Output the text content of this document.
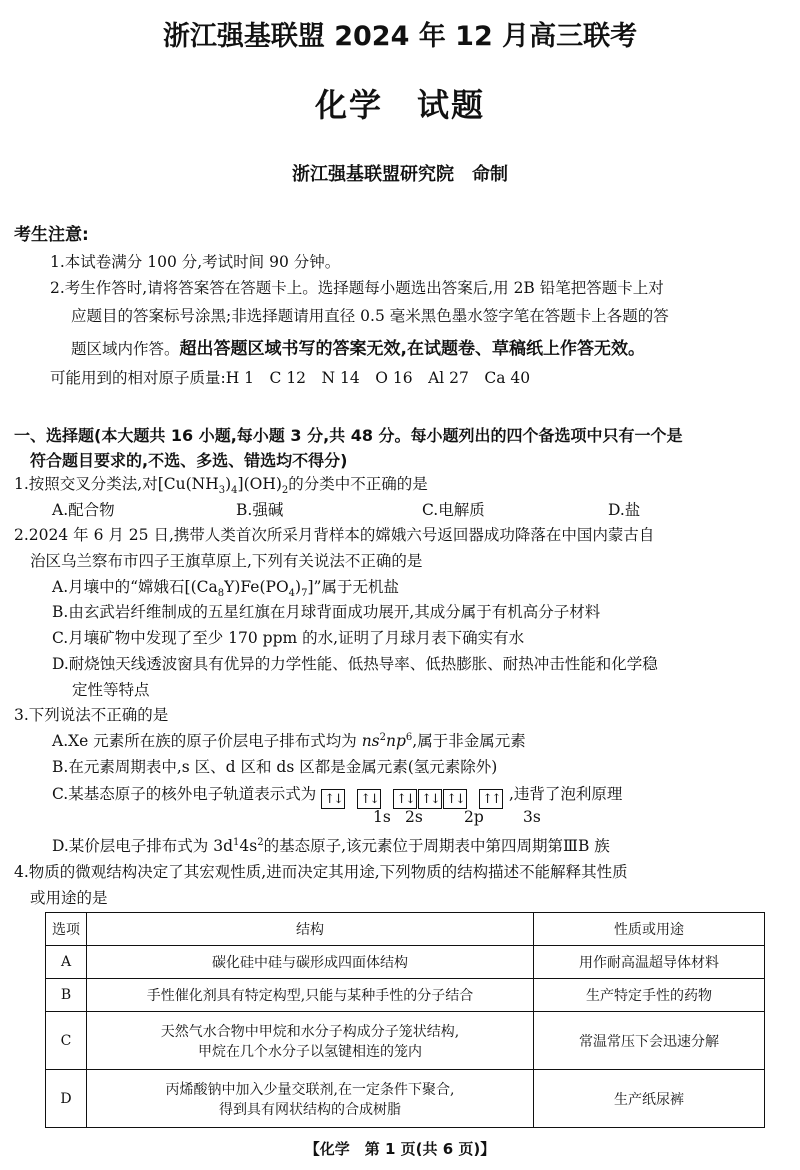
浙江强基联盟 2024 年 12 月高三联考
化学　试题
浙江强基联盟研究院　命制
考生注意:
1.本试卷满分 100 分,考试时间 90 分钟。
2.考生作答时,请将答案答在答题卡上。选择题每小题选出答案后,用 2B 铅笔把答题卡上对
应题目的答案标号涂黑;非选择题请用直径 0.5 毫米黑色墨水签字笔在答题卡上各题的答
题区域内作答。超出答题区域书写的答案无效,在试题卷、草稿纸上作答无效。
可能用到的相对原子质量:H 1　C 12　N 14　O 16　Al 27　Ca 40
一、选择题(本大题共 16 小题,每小题 3 分,共 48 分。每小题列出的四个备选项中只有一个是
符合题目要求的,不选、多选、错选均不得分)
1.按照交叉分类法,对$[Cu(NH_3)_4](OH)_2$的分类中不正确的是
A.配合物	B.强碱	C.电解质	D.盐
2.2024 年 6 月 25 日,携带人类首次所采月背样本的嫦娥六号返回器成功降落在中国内蒙古自
治区乌兰察布市四子王旗草原上,下列有关说法不正确的是
A.月壤中的“嫦娥石$[(Ca_8Y)Fe(PO_4)_7]$”属于无机盐
B.由玄武岩纤维制成的五星红旗在月球背面成功展开,其成分属于有机高分子材料
C.月壤矿物中发现了至少 170 ppm 的水,证明了月球月表下确实有水
D.耐烧蚀天线透波窗具有优异的力学性能、低热导率、低热膨胀、耐热冲击性能和化学稳
定性等特点
3.下列说法不正确的是
A.Xe 元素所在族的原子价层电子排布式均为 $ns^2np^6$,属于非金属元素
B.在元素周期表中,s 区、d 区和 ds 区都是金属元素(氢元素除外)
C.某基态原子的核外电子轨道表示式为 ↑↓ ↑↓ ↑↓ ↑↓ ↑↓ ↑↑ ,违背了泡利原理
1s 2s	2p	3s
D.某价层电子排布式为 $3d^14s^2$的基态原子,该元素位于周期表中第四周期第ⅢB 族
4.物质的微观结构决定了其宏观性质,进而决定其用途,下列物质的结构描述不能解释其性质
或用途的是
选项	结构	性质或用途
A	碳化硅中硅与碳形成四面体结构	用作耐高温超导体材料
B	手性催化剂具有特定构型,只能与某种手性的分子结合	生产特定手性的药物
C	天然气水合物中甲烷和水分子构成分子笼状结构,
甲烷在几个水分子以氢键相连的笼内	常温常压下会迅速分解
D	丙烯酸钠中加入少量交联剂,在一定条件下聚合,
得到具有网状结构的合成树脂	生产纸尿裤
【化学　第 1 页(共 6 页)】
